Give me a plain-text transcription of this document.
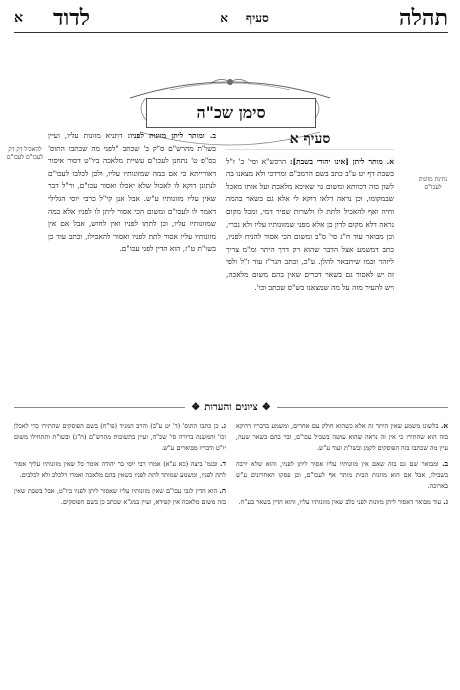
תהלה
סעיף
א
לדוד
א
סימן שכ"ה
נתינת מזונות לעכו"ם
להאכיל דק דק לעכו"ם לעכו"ם
סעיף א
א. מותר ליתן [אינו יהודי בשבת]: הרכש"א וסי' ב' ז"ל בשבת דף יט ע"ב כתב בשם הרמב"ם ומרדכי ולא מצאנו בה לשון כזה דכוותא ומשום גוי שאיכא מלאכת ועל אותו מאכל שבמקומו, וכן נראה דלאו דוקא לי אלא גם בשאר בהמה וחיה ואף להאכיל ולתת לו ולשרות שפיר דמי, ומכל מקום נראה דלא מקום לדון כן אלא מפני שמזונותיו עליו ולא נכרי, וכן מבואר עוד ח"ג סי' ס"ב ומשום הכי אסור להניח לפניו, כתב דמשמע אצל הדבר שהוא רק דרך היתר ומ"מ צריך ליזהר וכמו שיתבאר להלן. ע"כ, וכתב הגר"ז עוד ז"ל ולפי זה יש לאסור גם בשאר דברים שאין בהם משום מלאכה, ויש להעיר מזה על מה שמצאנו בש"ס שכתב וכו'.
ב. ומותר ליתן מזונות לפניו: דתניא מזונות עליו, ועיין בשו"ת מהרש"ם ס"ק ב' שכתב "לפני מה שכתבו התוס' בס"פ ט' נתחנן לעכו"ם עשיית מלאכה ביו"ט דסור איסור דאורייתא כי אם במה שמזונותיו עליו, ולכן לכלבו לעכו"ם לנתונן דוקא לו לאכול שלא יאכלו ואסור עכו"ם, ור"ל דבר שאין עליו מזונותיו ע"ש. אבל אנן קי"ל כרבי יוסי הגלילי דאמר לו לעכו"ם ומשום הכי אסור ליתן לו לפניו אלא במה שמזונותיו עליו, וכן לתתו לפניו ואין לחוש, אבל אם אין מזונותיו עליו אסור לתת לפניו ואסור להאכילו, וכתב עוד כן בשו"ת ט"ז, הוא הדין לפני עכו"ם.
❖
ציונים והערות
❖

א. בלשונו משמע שאין היתר זה אלא כשהוא חולק עם אחרים, ומשמע בדבריו דדוקא בזה הוא שהתירו כי אין זה נראה שהוא עושה בשביל עכו"ם, ובר בהם בשאר שעה, עיין מה שכתבו בזה הפוסקים לקמן ובשו"ת ועוד ע"ש.

ב. ומבואר שם גם בזה שאם אין מזונותיו עליו אסור ליתן לפניו, והוא שלא ירבה בשבילו, אבל אם הוא מזונות הבית מותר אף לעכו"ם, וכן פסקו האחרונים ע"ש בארוכה.

ג. עוד מבואר דאסור ליתן מזונות לפני כלב שאין מזונותיו עליו, והוא הדין בשאר בע"ח.

ג. כן כתבו התוס' (ד' יט ע"ב) והרב המגיד (פי"ח) בשם הפוסקים שהתירו כדי לאכלן וכו' והמשנה ברורה סי' שכ"ה, ועיין בתשובות מהרש"ם (ח"ג) ובשו"ת ותתחילו משום יו"ט ודבריו מבוארים ע"ש.

ד. ובגמ' ביצה (כא ע"א) אמרו רבי יוסי בר יהודה אומר כל שאין מזונותיו עליך אסור לתת לפניו, ומשמע שמותר לתת לפניו כשאין בהם מלאכה ואמרו דלכלב ולא לכלבים.

ה. הוא הדין לגבי עכו"ם שאין מזונותיו עליו שאסור ליתן לפניו ביו"ט, אבל בשבת שאין בזה משום מלאכה אין קפידא, ועיין במג"א שכתב כן בשם הפוסקים.
